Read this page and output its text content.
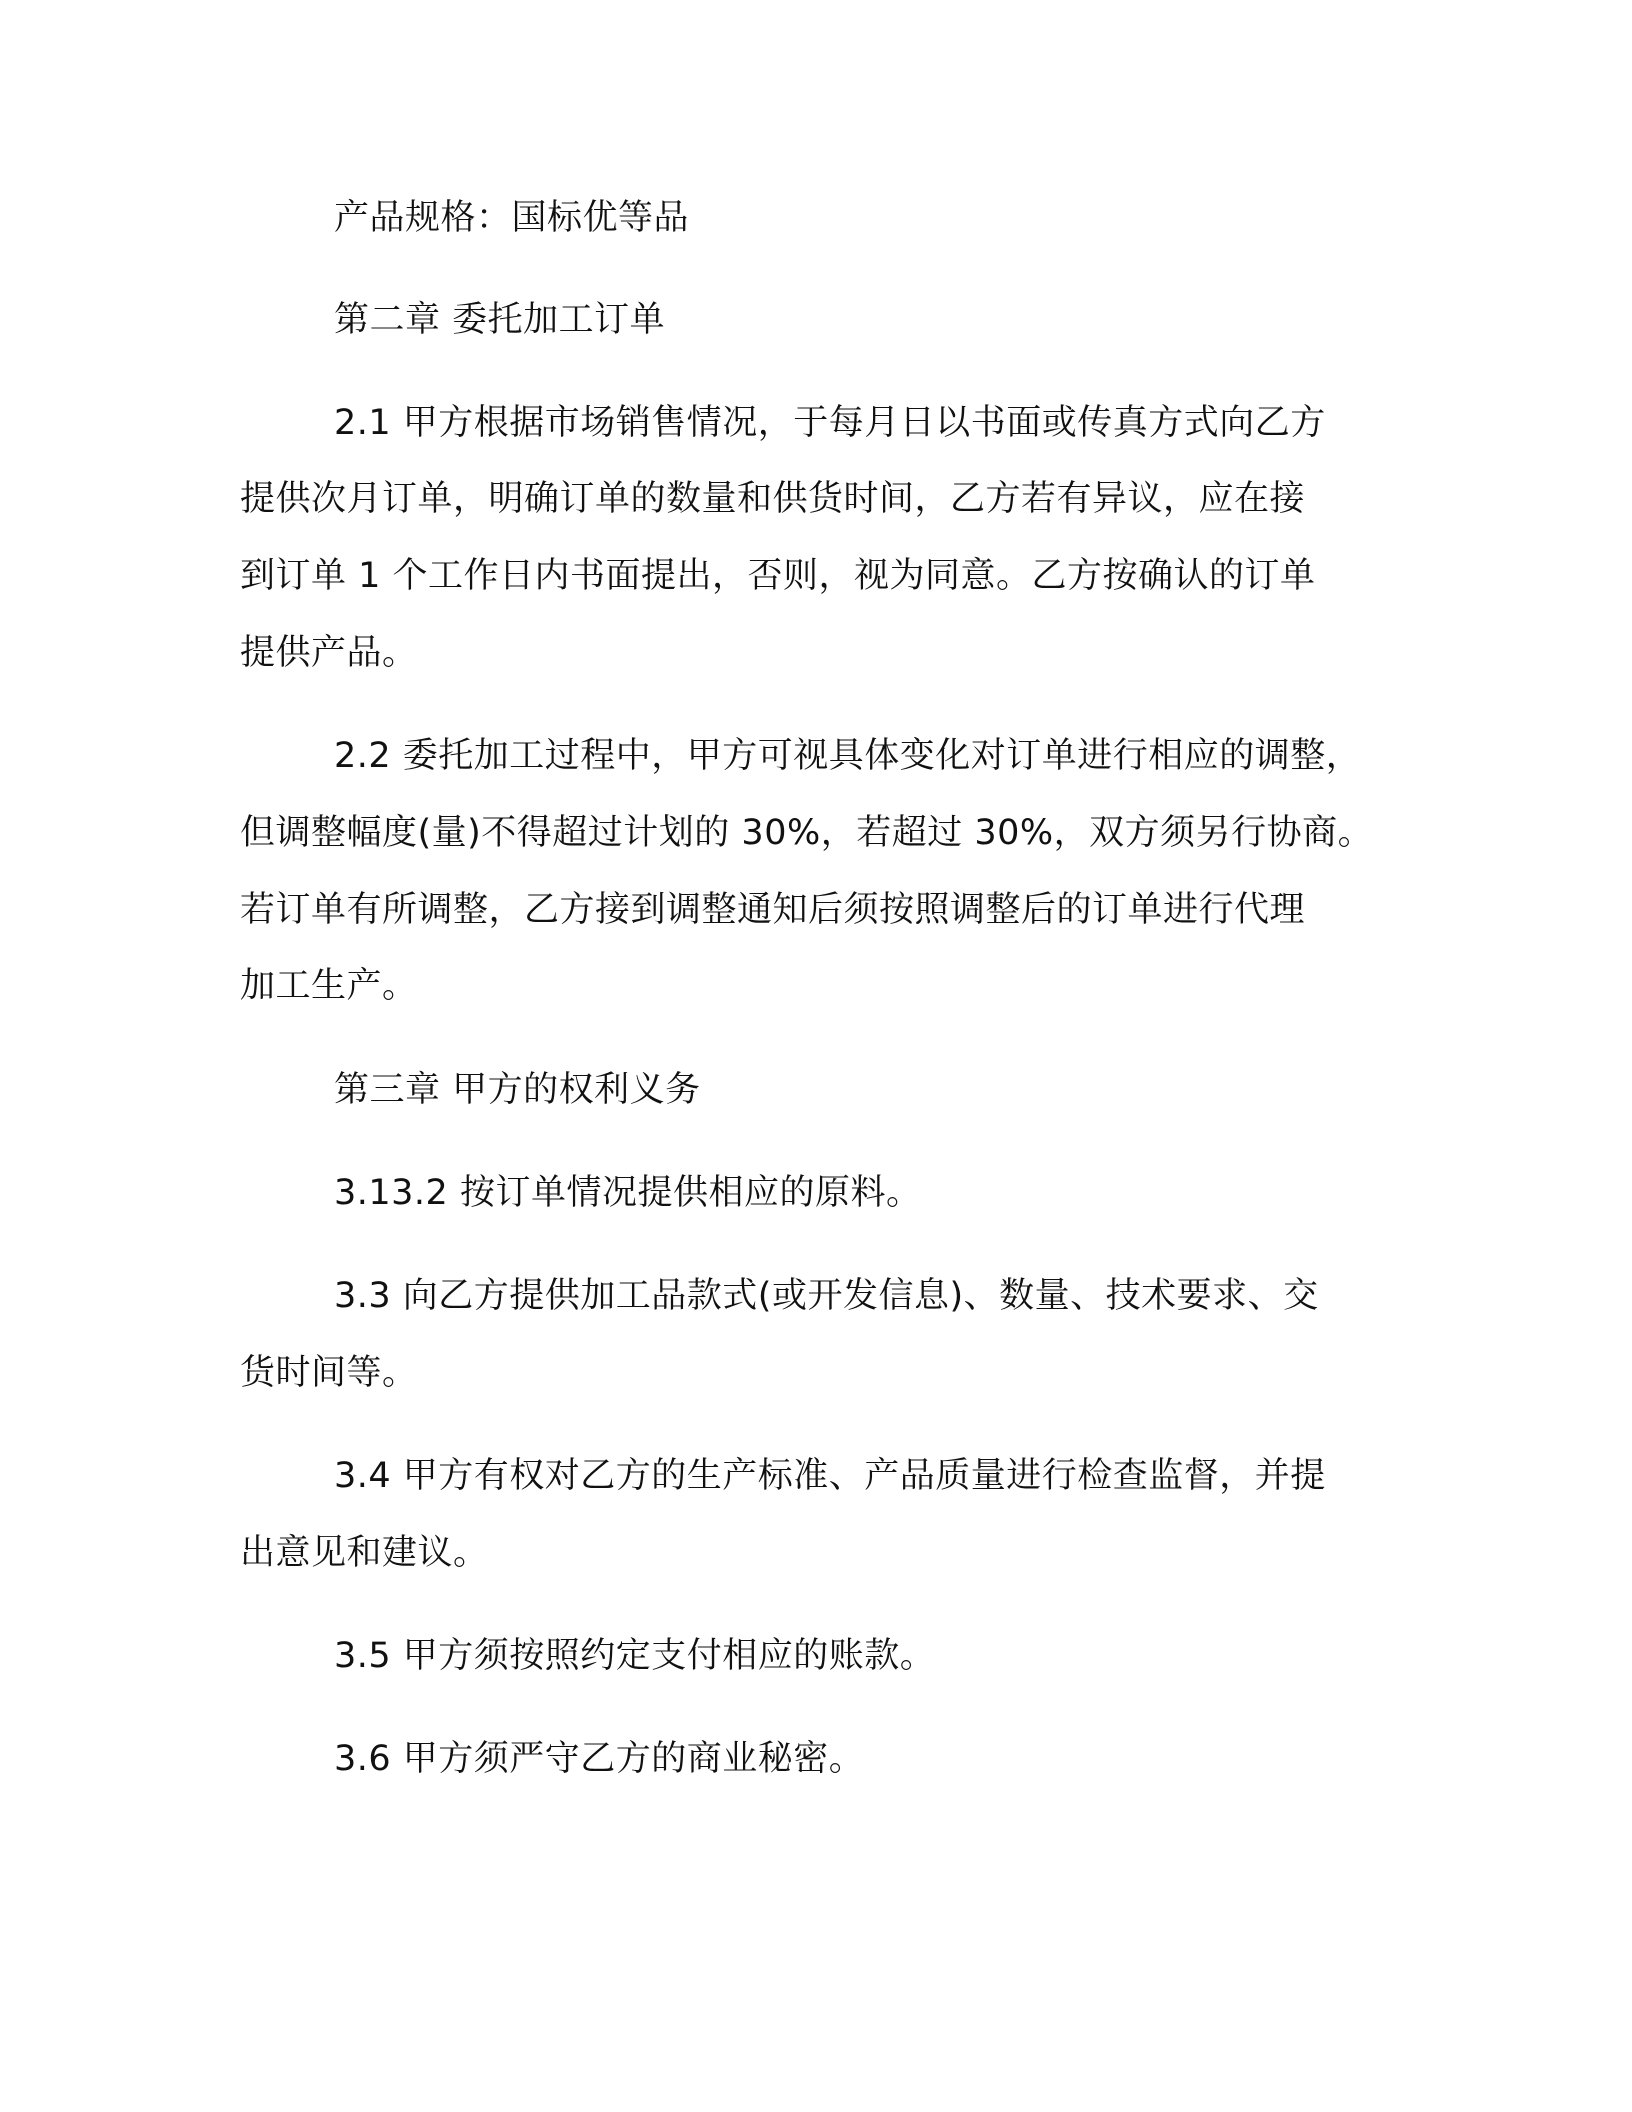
产品规格：国标优等品
第二章 委托加工订单
2.1 甲方根据市场销售情况，于每月日以书面或传真方式向乙方
提供次月订单，明确订单的数量和供货时间，乙方若有异议，应在接
到订单 1 个工作日内书面提出，否则，视为同意。乙方按确认的订单
提供产品。
2.2 委托加工过程中，甲方可视具体变化对订单进行相应的调整，
但调整幅度(量)不得超过计划的 30%，若超过 30%，双方须另行协商。
若订单有所调整，乙方接到调整通知后须按照调整后的订单进行代理
加工生产。
第三章 甲方的权利义务
3.13.2 按订单情况提供相应的原料。
3.3 向乙方提供加工品款式(或开发信息)、数量、技术要求、交
货时间等。
3.4 甲方有权对乙方的生产标准、产品质量进行检查监督，并提
出意见和建议。
3.5 甲方须按照约定支付相应的账款。
3.6 甲方须严守乙方的商业秘密。
